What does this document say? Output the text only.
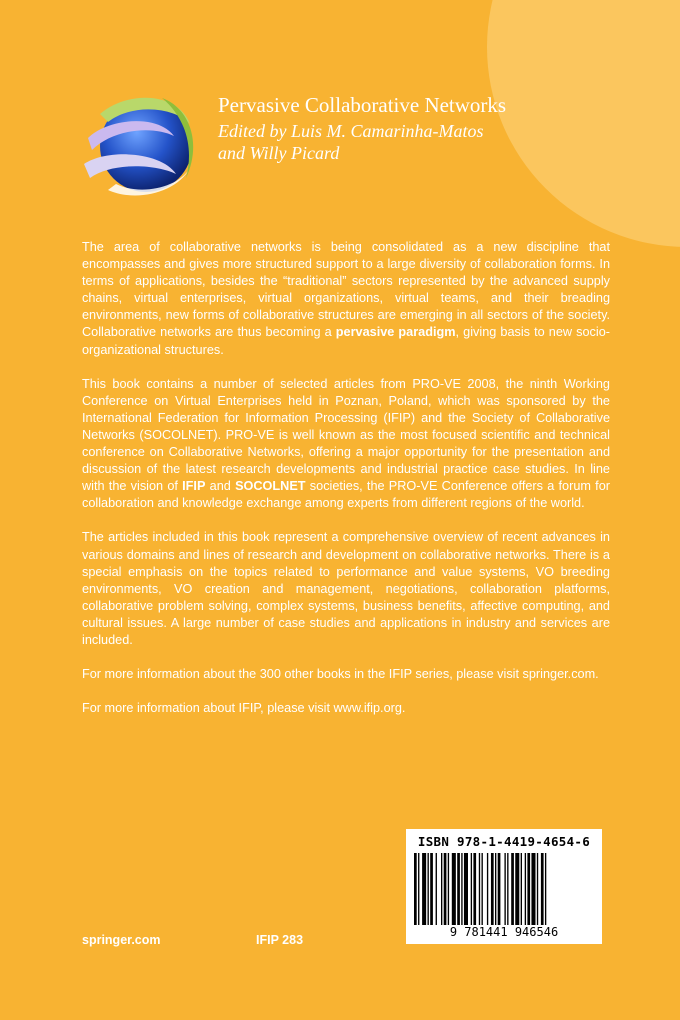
Pervasive Collaborative Networks
Edited by Luis M. Camarinha-Matos
and Willy Picard

The area of collaborative networks is being consolidated as a new discipline that encompasses and gives more structured support to a large diversity of collaboration forms. In terms of applications, besides the “traditional” sectors represented by the advanced supply chains, virtual enterprises, virtual organizations, virtual teams, and their breading environments, new forms of collaborative structures are emerging in all sectors of the society. Collaborative networks are thus becoming a pervasive paradigm, giving basis to new socio-organizational structures.

This book contains a number of selected articles from PRO-VE 2008, the ninth Working Conference on Virtual Enterprises held in Poznan, Poland, which was sponsored by the International Federation for Information Processing (IFIP) and the Society of Collaborative Networks (SOCOLNET). PRO-VE is well known as the most focused scientific and technical conference on Collaborative Networks, offering a major opportunity for the presentation and discussion of the latest research developments and industrial practice case studies. In line with the vision of IFIP and SOCOLNET societies, the PRO-VE Conference offers a forum for collaboration and knowledge exchange among experts from different regions of the world.

The articles included in this book represent a comprehensive overview of recent advances in various domains and lines of research and development on collaborative networks. There is a special emphasis on the topics related to performance and value systems, VO breeding environments, VO creation and management, negotiations, collaboration platforms, collaborative problem solving, complex systems, business benefits, affective computing, and cultural issues. A large number of case studies and applications in industry and services are included.

For more information about the 300 other books in the IFIP series, please visit springer.com.

For more information about IFIP, please visit www.ifip.org.

springer.com	IFIP 283
ISBN 978-1-4419-4654-6
9 781441 946546
